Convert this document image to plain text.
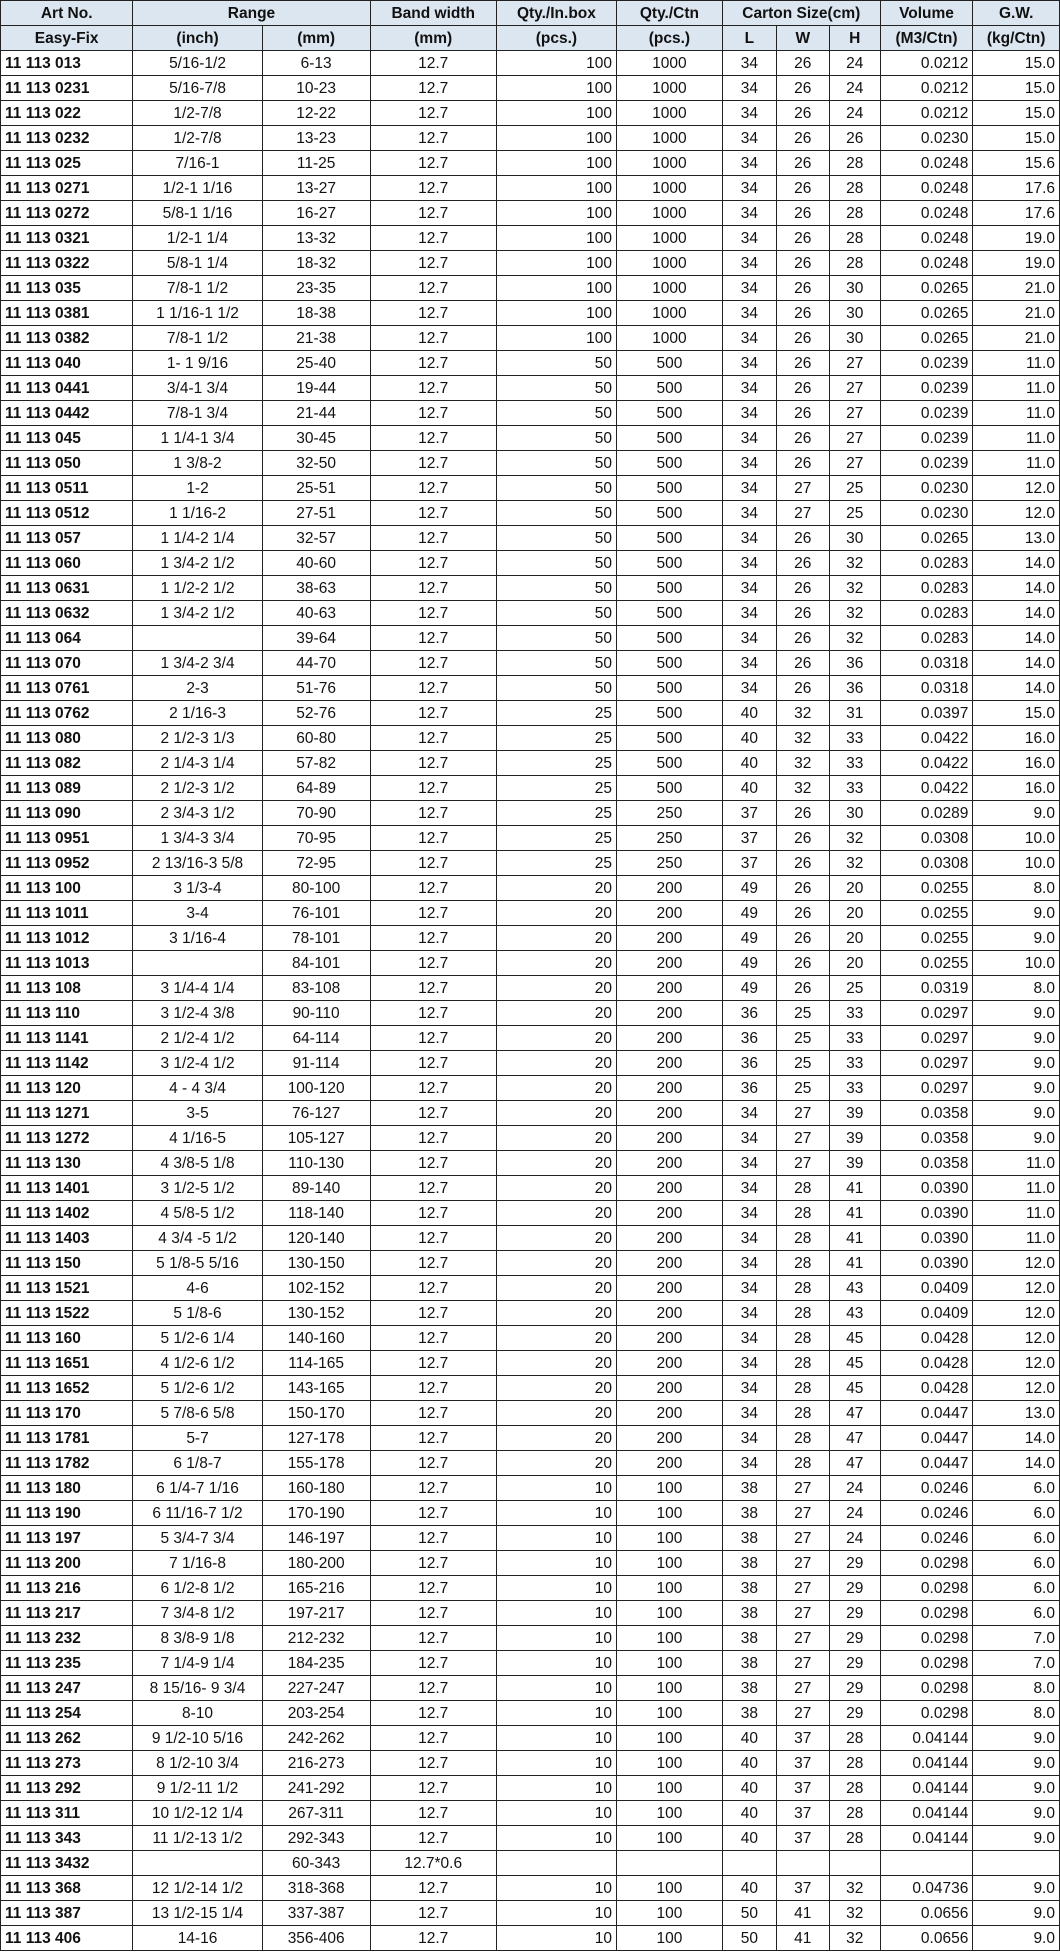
Art No.	Range		Band width	Qty./In.box	Qty./Ctn	Carton Size(cm)			Volume	G.W.
Easy-Fix	(inch)	(mm)	(mm)	(pcs.)	(pcs.)	L	W	H	(M3/Ctn)	(kg/Ctn)
11 113 013	5/16-1/2	6-13	12.7	100	1000	34	26	24	0.0212	15.0
11 113 0231	5/16-7/8	10-23	12.7	100	1000	34	26	24	0.0212	15.0
11 113 022	1/2-7/8	12-22	12.7	100	1000	34	26	24	0.0212	15.0
11 113 0232	1/2-7/8	13-23	12.7	100	1000	34	26	26	0.0230	15.0
11 113 025	7/16-1	11-25	12.7	100	1000	34	26	28	0.0248	15.6
11 113 0271	1/2-1 1/16	13-27	12.7	100	1000	34	26	28	0.0248	17.6
11 113 0272	5/8-1 1/16	16-27	12.7	100	1000	34	26	28	0.0248	17.6
11 113 0321	1/2-1 1/4	13-32	12.7	100	1000	34	26	28	0.0248	19.0
11 113 0322	5/8-1 1/4	18-32	12.7	100	1000	34	26	28	0.0248	19.0
11 113 035	7/8-1 1/2	23-35	12.7	100	1000	34	26	30	0.0265	21.0
11 113 0381	1 1/16-1 1/2	18-38	12.7	100	1000	34	26	30	0.0265	21.0
11 113 0382	7/8-1 1/2	21-38	12.7	100	1000	34	26	30	0.0265	21.0
11 113 040	1- 1 9/16	25-40	12.7	50	500	34	26	27	0.0239	11.0
11 113 0441	3/4-1 3/4	19-44	12.7	50	500	34	26	27	0.0239	11.0
11 113 0442	7/8-1 3/4	21-44	12.7	50	500	34	26	27	0.0239	11.0
11 113 045	1 1/4-1 3/4	30-45	12.7	50	500	34	26	27	0.0239	11.0
11 113 050	1 3/8-2	32-50	12.7	50	500	34	26	27	0.0239	11.0
11 113 0511	1-2	25-51	12.7	50	500	34	27	25	0.0230	12.0
11 113 0512	1 1/16-2	27-51	12.7	50	500	34	27	25	0.0230	12.0
11 113 057	1 1/4-2 1/4	32-57	12.7	50	500	34	26	30	0.0265	13.0
11 113 060	1 3/4-2 1/2	40-60	12.7	50	500	34	26	32	0.0283	14.0
11 113 0631	1 1/2-2 1/2	38-63	12.7	50	500	34	26	32	0.0283	14.0
11 113 0632	1 3/4-2 1/2	40-63	12.7	50	500	34	26	32	0.0283	14.0
11 113 064		39-64	12.7	50	500	34	26	32	0.0283	14.0
11 113 070	1 3/4-2 3/4	44-70	12.7	50	500	34	26	36	0.0318	14.0
11 113 0761	2-3	51-76	12.7	50	500	34	26	36	0.0318	14.0
11 113 0762	2 1/16-3	52-76	12.7	25	500	40	32	31	0.0397	15.0
11 113 080	2 1/2-3 1/3	60-80	12.7	25	500	40	32	33	0.0422	16.0
11 113 082	2 1/4-3 1/4	57-82	12.7	25	500	40	32	33	0.0422	16.0
11 113 089	2 1/2-3 1/2	64-89	12.7	25	500	40	32	33	0.0422	16.0
11 113 090	2 3/4-3 1/2	70-90	12.7	25	250	37	26	30	0.0289	9.0
11 113 0951	1 3/4-3 3/4	70-95	12.7	25	250	37	26	32	0.0308	10.0
11 113 0952	2 13/16-3 5/8	72-95	12.7	25	250	37	26	32	0.0308	10.0
11 113 100	3 1/3-4	80-100	12.7	20	200	49	26	20	0.0255	8.0
11 113 1011	3-4	76-101	12.7	20	200	49	26	20	0.0255	9.0
11 113 1012	3 1/16-4	78-101	12.7	20	200	49	26	20	0.0255	9.0
11 113 1013		84-101	12.7	20	200	49	26	20	0.0255	10.0
11 113 108	3 1/4-4 1/4	83-108	12.7	20	200	49	26	25	0.0319	8.0
11 113 110	3 1/2-4 3/8	90-110	12.7	20	200	36	25	33	0.0297	9.0
11 113 1141	2 1/2-4 1/2	64-114	12.7	20	200	36	25	33	0.0297	9.0
11 113 1142	3 1/2-4 1/2	91-114	12.7	20	200	36	25	33	0.0297	9.0
11 113 120	4 - 4 3/4	100-120	12.7	20	200	36	25	33	0.0297	9.0
11 113 1271	3-5	76-127	12.7	20	200	34	27	39	0.0358	9.0
11 113 1272	4 1/16-5	105-127	12.7	20	200	34	27	39	0.0358	9.0
11 113 130	4 3/8-5 1/8	110-130	12.7	20	200	34	27	39	0.0358	11.0
11 113 1401	3 1/2-5 1/2	89-140	12.7	20	200	34	28	41	0.0390	11.0
11 113 1402	4 5/8-5 1/2	118-140	12.7	20	200	34	28	41	0.0390	11.0
11 113 1403	4 3/4 -5 1/2	120-140	12.7	20	200	34	28	41	0.0390	11.0
11 113 150	5 1/8-5 5/16	130-150	12.7	20	200	34	28	41	0.0390	12.0
11 113 1521	4-6	102-152	12.7	20	200	34	28	43	0.0409	12.0
11 113 1522	5 1/8-6	130-152	12.7	20	200	34	28	43	0.0409	12.0
11 113 160	5 1/2-6 1/4	140-160	12.7	20	200	34	28	45	0.0428	12.0
11 113 1651	4 1/2-6 1/2	114-165	12.7	20	200	34	28	45	0.0428	12.0
11 113 1652	5 1/2-6 1/2	143-165	12.7	20	200	34	28	45	0.0428	12.0
11 113 170	5 7/8-6 5/8	150-170	12.7	20	200	34	28	47	0.0447	13.0
11 113 1781	5-7	127-178	12.7	20	200	34	28	47	0.0447	14.0
11 113 1782	6 1/8-7	155-178	12.7	20	200	34	28	47	0.0447	14.0
11 113 180	6 1/4-7 1/16	160-180	12.7	10	100	38	27	24	0.0246	6.0
11 113 190	6 11/16-7 1/2	170-190	12.7	10	100	38	27	24	0.0246	6.0
11 113 197	5 3/4-7 3/4	146-197	12.7	10	100	38	27	24	0.0246	6.0
11 113 200	7 1/16-8	180-200	12.7	10	100	38	27	29	0.0298	6.0
11 113 216	6 1/2-8 1/2	165-216	12.7	10	100	38	27	29	0.0298	6.0
11 113 217	7 3/4-8 1/2	197-217	12.7	10	100	38	27	29	0.0298	6.0
11 113 232	8 3/8-9 1/8	212-232	12.7	10	100	38	27	29	0.0298	7.0
11 113 235	7 1/4-9 1/4	184-235	12.7	10	100	38	27	29	0.0298	7.0
11 113 247	8 15/16- 9 3/4	227-247	12.7	10	100	38	27	29	0.0298	8.0
11 113 254	8-10	203-254	12.7	10	100	38	27	29	0.0298	8.0
11 113 262	9 1/2-10 5/16	242-262	12.7	10	100	40	37	28	0.04144	9.0
11 113 273	8 1/2-10 3/4	216-273	12.7	10	100	40	37	28	0.04144	9.0
11 113 292	9 1/2-11 1/2	241-292	12.7	10	100	40	37	28	0.04144	9.0
11 113 311	10 1/2-12 1/4	267-311	12.7	10	100	40	37	28	0.04144	9.0
11 113 343	11 1/2-13 1/2	292-343	12.7	10	100	40	37	28	0.04144	9.0
11 113 3432		60-343	12.7*0.6							
11 113 368	12 1/2-14 1/2	318-368	12.7	10	100	40	37	32	0.04736	9.0
11 113 387	13 1/2-15 1/4	337-387	12.7	10	100	50	41	32	0.0656	9.0
11 113 406	14-16	356-406	12.7	10	100	50	41	32	0.0656	9.0
